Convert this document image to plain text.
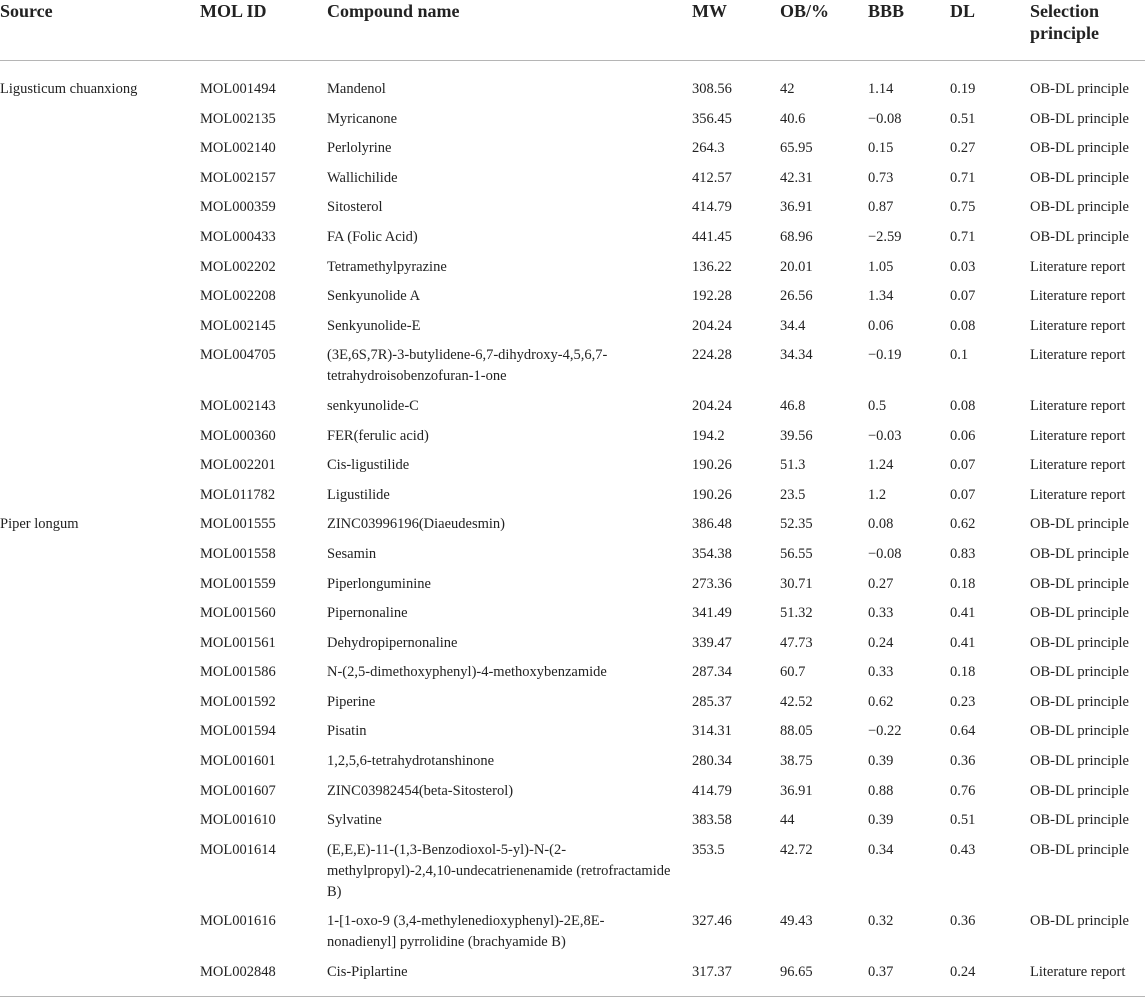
Source	MOL ID	Compound name	MW	OB/%	BBB	DL	Selection principle
Ligusticum chuanxiong	MOL001494	Mandenol	308.56	42	1.14	0.19	OB-DL principle
	MOL002135	Myricanone	356.45	40.6	−0.08	0.51	OB-DL principle
	MOL002140	Perlolyrine	264.3	65.95	0.15	0.27	OB-DL principle
	MOL002157	Wallichilide	412.57	42.31	0.73	0.71	OB-DL principle
	MOL000359	Sitosterol	414.79	36.91	0.87	0.75	OB-DL principle
	MOL000433	FA (Folic Acid)	441.45	68.96	−2.59	0.71	OB-DL principle
	MOL002202	Tetramethylpyrazine	136.22	20.01	1.05	0.03	Literature report
	MOL002208	Senkyunolide A	192.28	26.56	1.34	0.07	Literature report
	MOL002145	Senkyunolide-E	204.24	34.4	0.06	0.08	Literature report
	MOL004705	(3E,6S,7R)-3-butylidene-6,7-dihydroxy-4,5,6,7-tetrahydroisobenzofuran-1-one	224.28	34.34	−0.19	0.1	Literature report
	MOL002143	senkyunolide-C	204.24	46.8	0.5	0.08	Literature report
	MOL000360	FER(ferulic acid)	194.2	39.56	−0.03	0.06	Literature report
	MOL002201	Cis-ligustilide	190.26	51.3	1.24	0.07	Literature report
	MOL011782	Ligustilide	190.26	23.5	1.2	0.07	Literature report
Piper longum	MOL001555	ZINC03996196(Diaeudesmin)	386.48	52.35	0.08	0.62	OB-DL principle
	MOL001558	Sesamin	354.38	56.55	−0.08	0.83	OB-DL principle
	MOL001559	Piperlonguminine	273.36	30.71	0.27	0.18	OB-DL principle
	MOL001560	Pipernonaline	341.49	51.32	0.33	0.41	OB-DL principle
	MOL001561	Dehydropipernonaline	339.47	47.73	0.24	0.41	OB-DL principle
	MOL001586	N-(2,5-dimethoxyphenyl)-4-methoxybenzamide	287.34	60.7	0.33	0.18	OB-DL principle
	MOL001592	Piperine	285.37	42.52	0.62	0.23	OB-DL principle
	MOL001594	Pisatin	314.31	88.05	−0.22	0.64	OB-DL principle
	MOL001601	1,2,5,6-tetrahydrotanshinone	280.34	38.75	0.39	0.36	OB-DL principle
	MOL001607	ZINC03982454(beta-Sitosterol)	414.79	36.91	0.88	0.76	OB-DL principle
	MOL001610	Sylvatine	383.58	44	0.39	0.51	OB-DL principle
	MOL001614	(E,E,E)-11-(1,3-Benzodioxol-5-yl)-N-(2-methylpropyl)-2,4,10-undecatrienenamide (retrofractamide B)	353.5	42.72	0.34	0.43	OB-DL principle
	MOL001616	1-[1-oxo-9 (3,4-methylenedioxyphenyl)-2E,8E-nonadienyl] pyrrolidine (brachyamide B)	327.46	49.43	0.32	0.36	OB-DL principle
	MOL002848	Cis-Piplartine	317.37	96.65	0.37	0.24	Literature report
